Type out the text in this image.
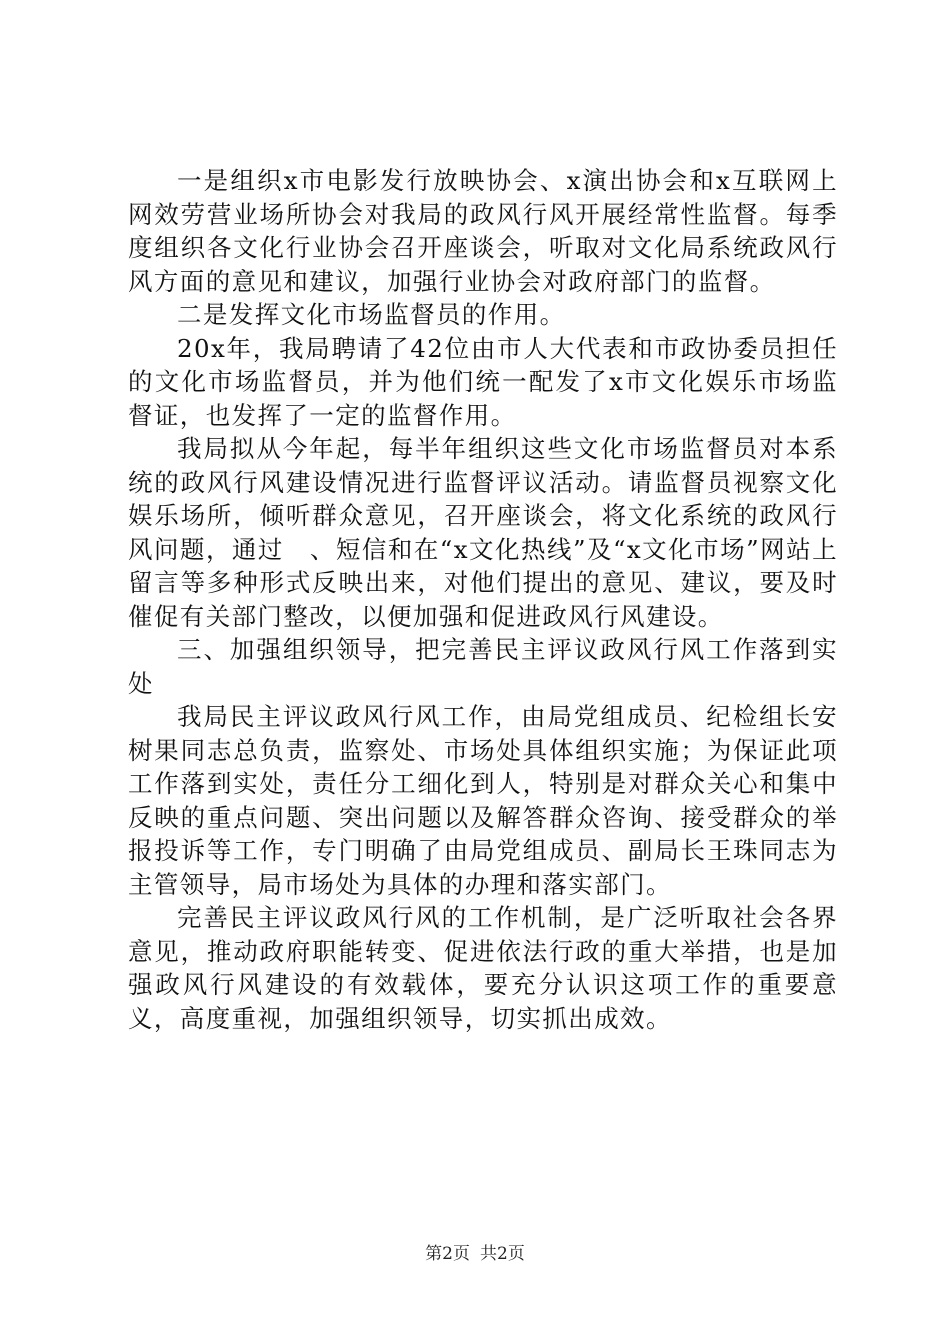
一是组织x市电影发行放映协会、x演出协会和x互联网上网效劳营业场所协会对我局的政风行风开展经常性监督。每季度组织各文化行业协会召开座谈会，听取对文化局系统政风行风方面的意见和建议，加强行业协会对政府部门的监督。

二是发挥文化市场监督员的作用。

20x年，我局聘请了42位由市人大代表和市政协委员担任的文化市场监督员，并为他们统一配发了x市文化娱乐市场监督证，也发挥了一定的监督作用。

我局拟从今年起，每半年组织这些文化市场监督员对本系统的政风行风建设情况进行监督评议活动。请监督员视察文化娱乐场所，倾听群众意见，召开座谈会，将文化系统的政风行风问题，通过　、短信和在“x文化热线”及“x文化市场”网站上留言等多种形式反映出来，对他们提出的意见、建议，要及时催促有关部门整改，以便加强和促进政风行风建设。

三、加强组织领导，把完善民主评议政风行风工作落到实处

我局民主评议政风行风工作，由局党组成员、纪检组长安树果同志总负责，监察处、市场处具体组织实施；为保证此项工作落到实处，责任分工细化到人，特别是对群众关心和集中反映的重点问题、突出问题以及解答群众咨询、接受群众的举报投诉等工作，专门明确了由局党组成员、副局长王珠同志为主管领导，局市场处为具体的办理和落实部门。

完善民主评议政风行风的工作机制，是广泛听取社会各界意见，推动政府职能转变、促进依法行政的重大举措，也是加强政风行风建设的有效载体，要充分认识这项工作的重要意义，高度重视，加强组织领导，切实抓出成效。

第2页 共2页
